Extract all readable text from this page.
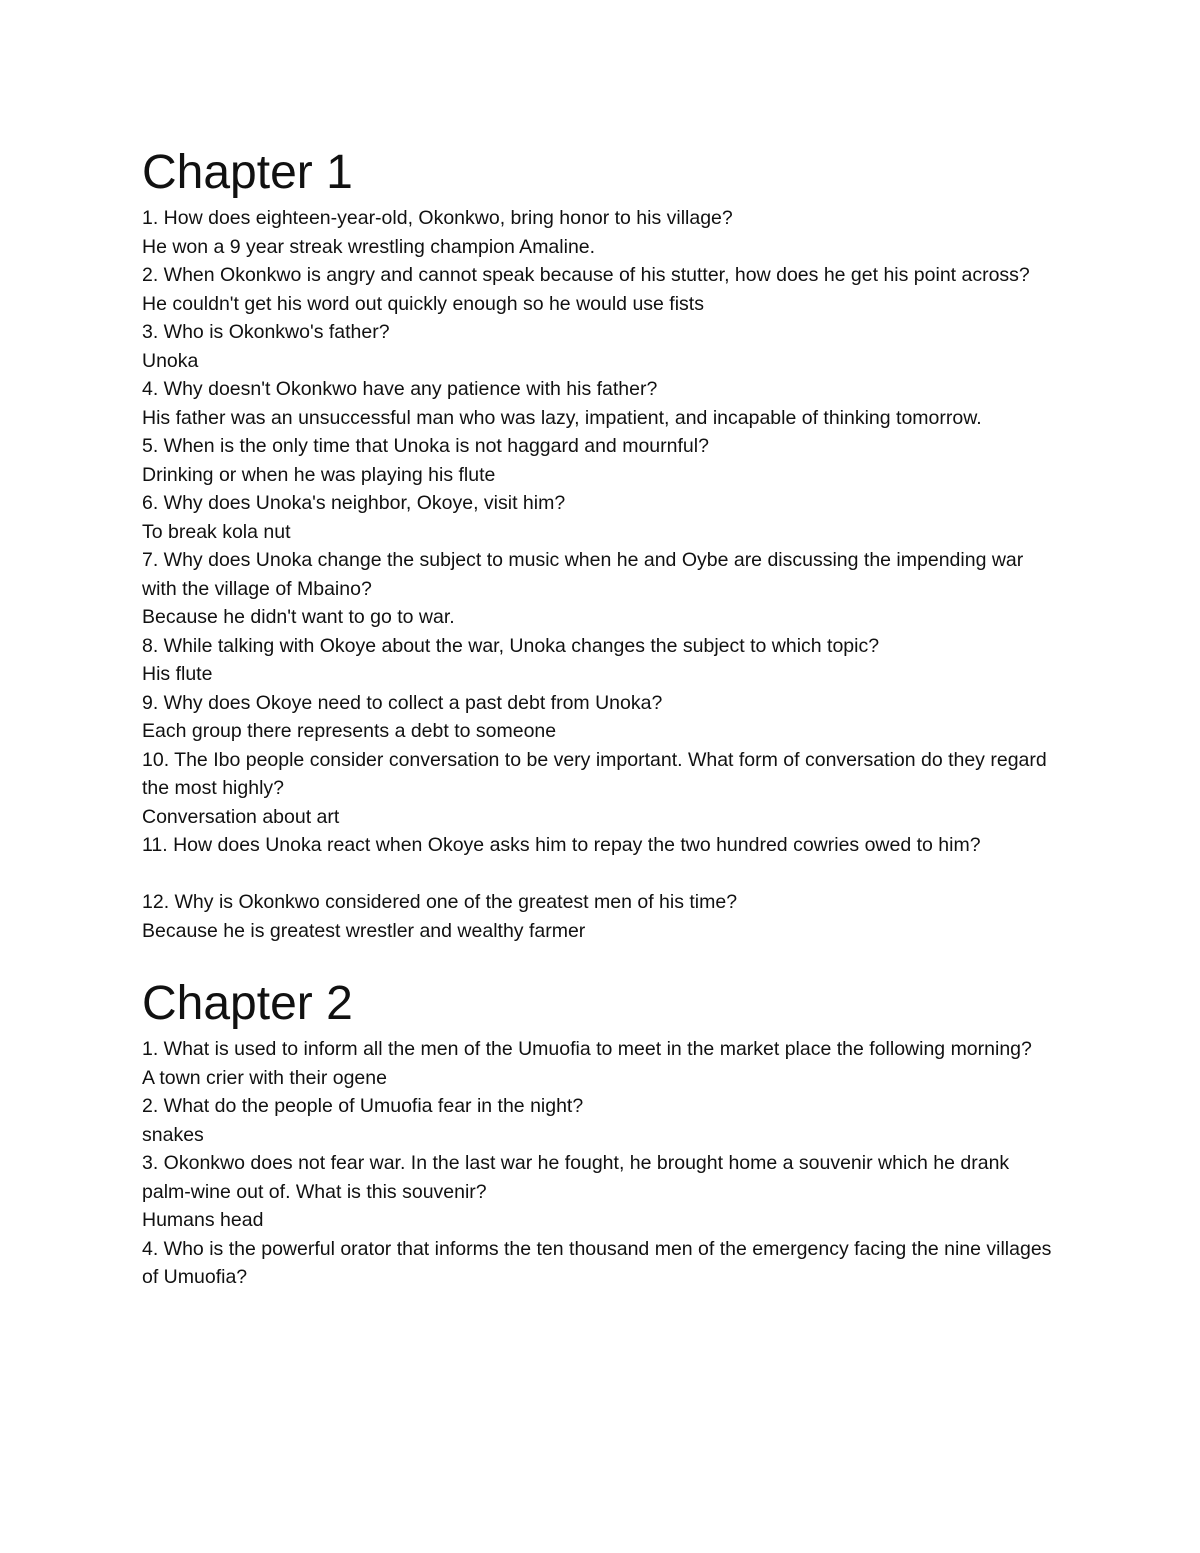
Chapter 1

1. How does eighteen-year-old, Okonkwo, bring honor to his village?

He won a 9 year streak wrestling champion Amaline.

2. When Okonkwo is angry and cannot speak because of his stutter, how does he get his point across?

He couldn't get his word out quickly enough so he would use fists

3. Who is Okonkwo's father?

Unoka

4. Why doesn't Okonkwo have any patience with his father?

His father was an unsuccessful man who was lazy, impatient, and incapable of thinking tomorrow.

5. When is the only time that Unoka is not haggard and mournful?

Drinking or when he was playing his flute

6. Why does Unoka's neighbor, Okoye, visit him?

To break kola nut

7. Why does Unoka change the subject to music when he and Oybe are discussing the impending war with the village of Mbaino?

Because he didn't want to go to war.

8. While talking with Okoye about the war, Unoka changes the subject to which topic?

His flute

9. Why does Okoye need to collect a past debt from Unoka?

Each group there represents a debt to someone

10. The Ibo people consider conversation to be very important. What form of conversation do they regard the most highly?

Conversation about art

11. How does Unoka react when Okoye asks him to repay the two hundred cowries owed to him?

12. Why is Okonkwo considered one of the greatest men of his time?

Because he is greatest wrestler and wealthy farmer

Chapter 2

1. What is used to inform all the men of the Umuofia to meet in the market place the following morning?

A town crier with their ogene

2. What do the people of Umuofia fear in the night?

snakes

3. Okonkwo does not fear war. In the last war he fought, he brought home a souvenir which he drank palm-wine out of. What is this souvenir?

Humans head

4. Who is the powerful orator that informs the ten thousand men of the emergency facing the nine villages of Umuofia?
